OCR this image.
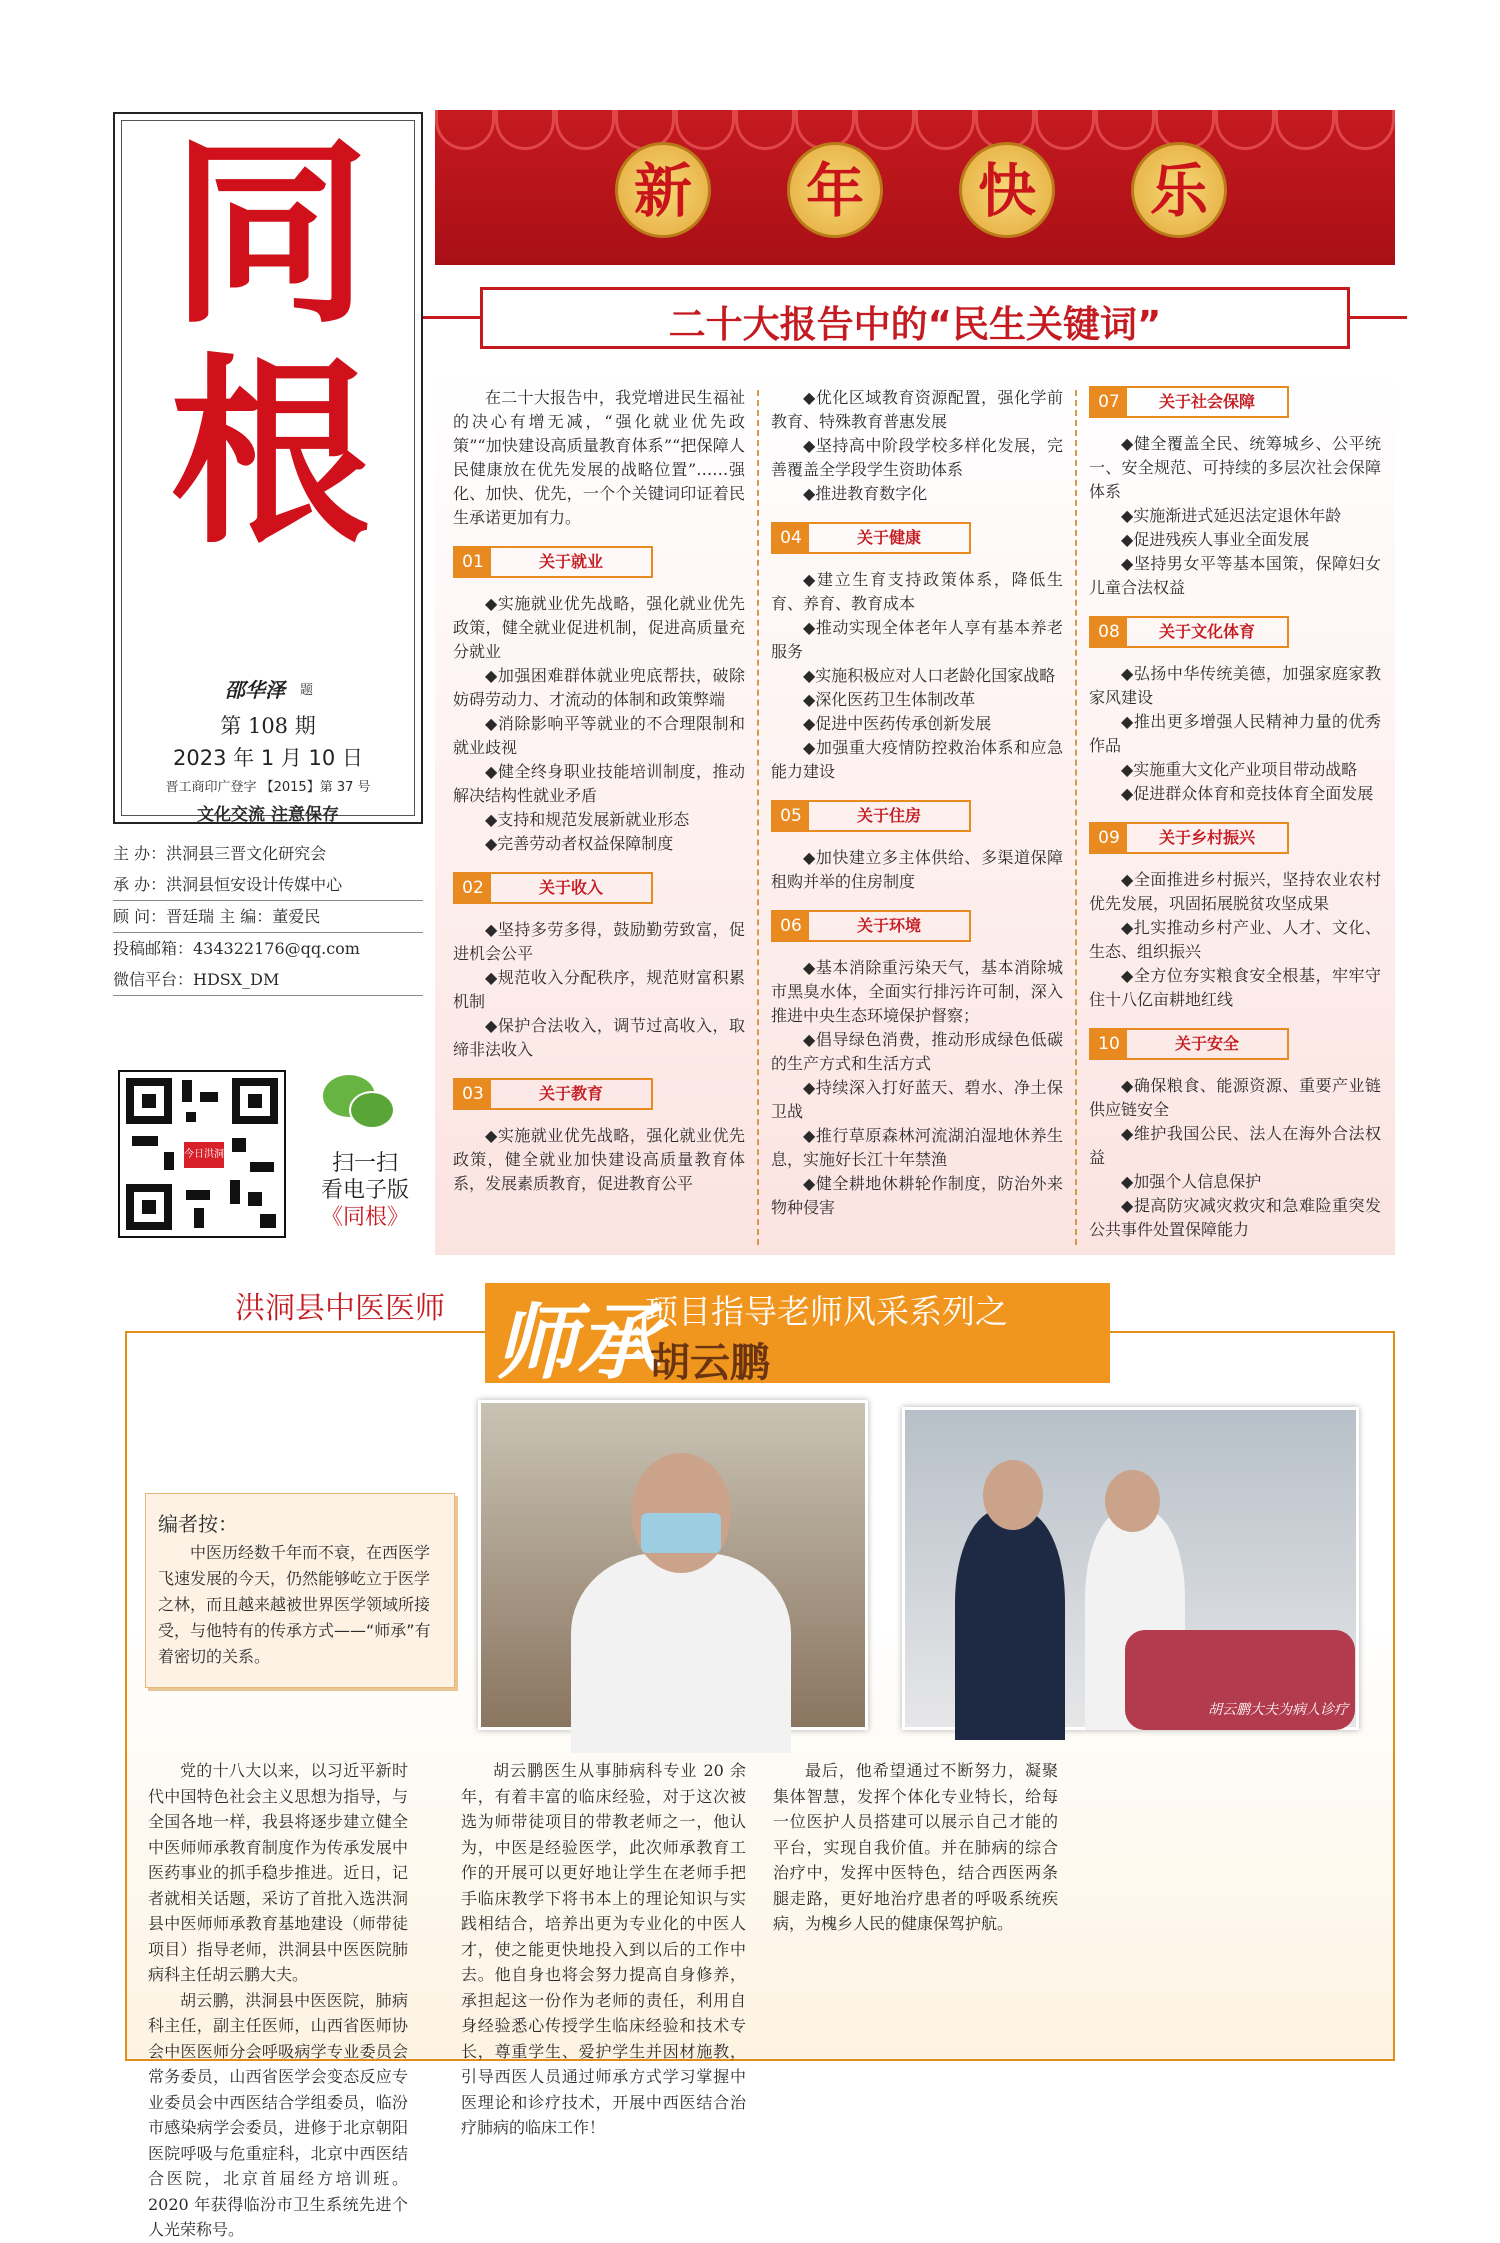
同
根
邵华泽 题
第 108 期
2023 年 1 月 10 日
晋工商印广登字 【2015】第 37 号
文化交流 注意保存
主 办：洪洞县三晋文化研究会
承 办：洪洞县恒安设计传媒中心
顾 问：晋廷瑞 主 编：董爱民
投稿邮箱：434322176@qq.com
微信平台：HDSX_DM
今日洪洞	扫一扫
看电子版
《同根》
新	年	快	乐
二十大报告中的“民生关键词”

在二十大报告中，我党增进民生福祉的决心有增无减，“强化就业优先政策”“加快建设高质量教育体系”“把保障人民健康放在优先发展的战略位置”……强化、加快、优先，一个个关键词印证着民生承诺更加有力。

01	关于就业

◆实施就业优先战略，强化就业优先政策，健全就业促进机制，促进高质量充分就业

◆加强困难群体就业兜底帮扶，破除妨碍劳动力、才流动的体制和政策弊端

◆消除影响平等就业的不合理限制和就业歧视

◆健全终身职业技能培训制度，推动解决结构性就业矛盾

◆支持和规范发展新就业形态

◆完善劳动者权益保障制度

02	关于收入

◆坚持多劳多得，鼓励勤劳致富，促进机会公平

◆规范收入分配秩序，规范财富积累机制

◆保护合法收入，调节过高收入，取缔非法收入

03	关于教育

◆实施就业优先战略，强化就业优先政策，健全就业加快建设高质量教育体系，发展素质教育，促进教育公平

◆优化区域教育资源配置，强化学前教育、特殊教育普惠发展

◆坚持高中阶段学校多样化发展，完善覆盖全学段学生资助体系

◆推进教育数字化

04	关于健康

◆建立生育支持政策体系，降低生育、养育、教育成本

◆推动实现全体老年人享有基本养老服务

◆实施积极应对人口老龄化国家战略

◆深化医药卫生体制改革

◆促进中医药传承创新发展

◆加强重大疫情防控救治体系和应急能力建设

05	关于住房

◆加快建立多主体供给、多渠道保障租购并举的住房制度

06	关于环境

◆基本消除重污染天气，基本消除城市黑臭水体，全面实行排污许可制，深入推进中央生态环境保护督察；

◆倡导绿色消费，推动形成绿色低碳的生产方式和生活方式

◆持续深入打好蓝天、碧水、净土保卫战

◆推行草原森林河流湖泊湿地休养生息，实施好长江十年禁渔

◆健全耕地休耕轮作制度，防治外来物种侵害

07	关于社会保障

◆健全覆盖全民、统筹城乡、公平统一、安全规范、可持续的多层次社会保障体系

◆实施渐进式延迟法定退休年龄

◆促进残疾人事业全面发展

◆坚持男女平等基本国策，保障妇女儿童合法权益

08	关于文化体育

◆弘扬中华传统美德，加强家庭家教家风建设

◆推出更多增强人民精神力量的优秀作品

◆实施重大文化产业项目带动战略

◆促进群众体育和竞技体育全面发展

09	关于乡村振兴

◆全面推进乡村振兴，坚持农业农村优先发展，巩固拓展脱贫攻坚成果

◆扎实推动乡村产业、人才、文化、生态、组织振兴

◆全方位夯实粮食安全根基，牢牢守住十八亿亩耕地红线

10	关于安全

◆确保粮食、能源资源、重要产业链供应链安全

◆维护我国公民、法人在海外合法权益

◆加强个人信息保护

◆提高防灾减灾救灾和急难险重突发公共事件处置保障能力

洪洞县中医医师 师承
项目指导老师风采系列之
胡云鹏
胡云鹏大夫为病人诊疗
编者按：
中医历经数千年而不衰，在西医学飞速发展的今天，仍然能够屹立于医学之林，而且越来越被世界医学领域所接受，与他特有的传承方式——“师承”有着密切的关系。

党的十八大以来，以习近平新时代中国特色社会主义思想为指导，与全国各地一样，我县将逐步建立健全中医师师承教育制度作为传承发展中医药事业的抓手稳步推进。近日，记者就相关话题，采访了首批入选洪洞县中医师师承教育基地建设（师带徒项目）指导老师，洪洞县中医医院肺病科主任胡云鹏大夫。

胡云鹏，洪洞县中医医院，肺病科主任，副主任医师，山西省医师协会中医医师分会呼吸病学专业委员会常务委员，山西省医学会变态反应专业委员会中西医结合学组委员，临汾市感染病学会委员，进修于北京朝阳医院呼吸与危重症科，北京中西医结合医院，北京首届经方培训班。2020 年获得临汾市卫生系统先进个人光荣称号。

胡云鹏医生从事肺病科专业 20 余年，有着丰富的临床经验，对于这次被选为师带徒项目的带教老师之一，他认为，中医是经验医学，此次师承教育工作的开展可以更好地让学生在老师手把手临床教学下将书本上的理论知识与实践相结合，培养出更为专业化的中医人才，使之能更快地投入到以后的工作中去。他自身也将会努力提高自身修养，承担起这一份作为老师的责任，利用自身经验悉心传授学生临床经验和技术专长，尊重学生、爱护学生并因材施教，引导西医人员通过师承方式学习掌握中医理论和诊疗技术，开展中西医结合治疗肺病的临床工作！

最后，他希望通过不断努力，凝聚集体智慧，发挥个体化专业特长，给每一位医护人员搭建可以展示自己才能的平台，实现自我价值。并在肺病的综合治疗中，发挥中医特色，结合西医两条腿走路，更好地治疗患者的呼吸系统疾病，为槐乡人民的健康保驾护航。
